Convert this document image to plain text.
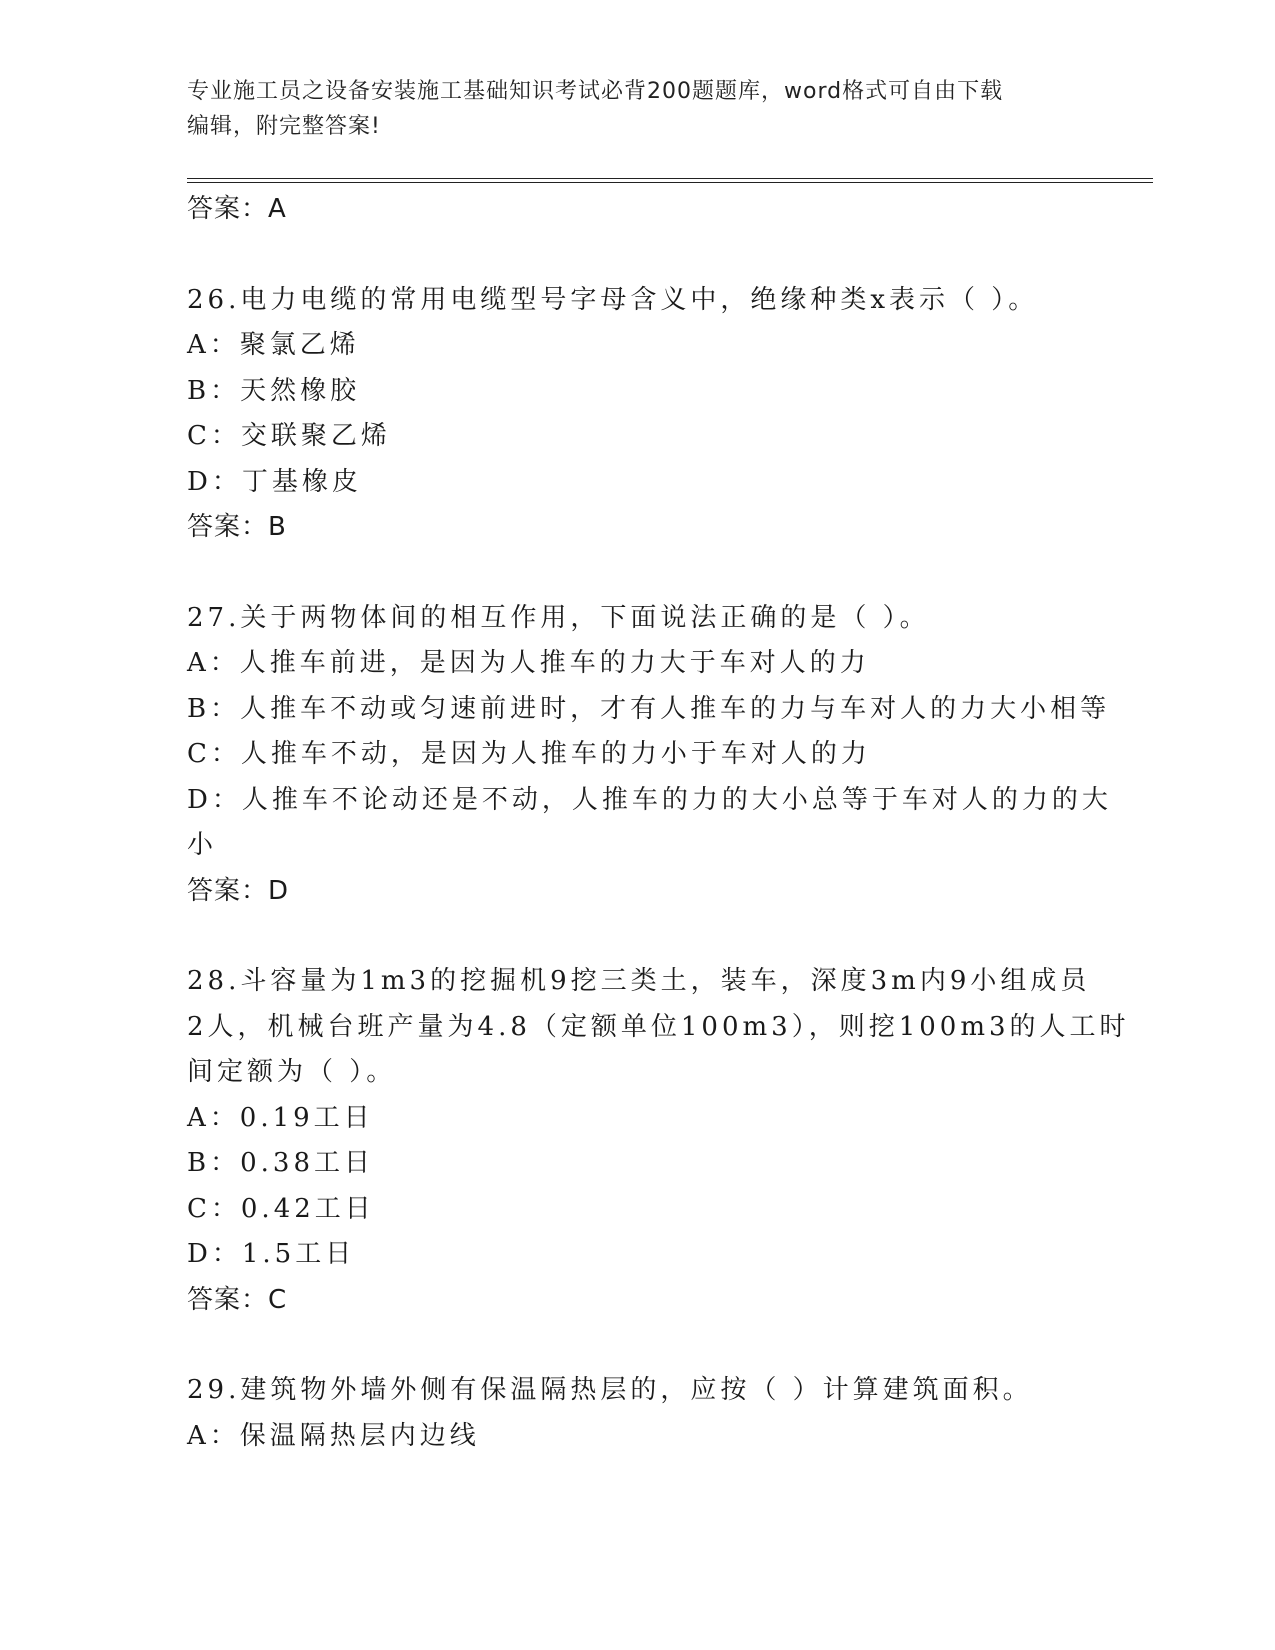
专业施工员之设备安装施工基础知识考试必背200题题库，word格式可自由下载
编辑，附完整答案!
答案：A
26.电力电缆的常用电缆型号字母含义中，绝缘种类x表示（ ）。
A：聚氯乙烯
B：天然橡胶
C：交联聚乙烯
D：丁基橡皮
答案：B
27.关于两物体间的相互作用，下面说法正确的是（ ）。
A：人推车前进，是因为人推车的力大于车对人的力
B：人推车不动或匀速前进时，才有人推车的力与车对人的力大小相等
C：人推车不动，是因为人推车的力小于车对人的力
D：人推车不论动还是不动，人推车的力的大小总等于车对人的力的大
小
答案：D
28.斗容量为1m3的挖掘机9挖三类土，装车，深度3m内9小组成员
2人，机械台班产量为4.8（定额单位100m3），则挖100m3的人工时
间定额为（ ）。
A：0.19工日
B：0.38工日
C：0.42工日
D：1.5工日
答案：C
29.建筑物外墙外侧有保温隔热层的，应按（ ）计算建筑面积。
A：保温隔热层内边线
